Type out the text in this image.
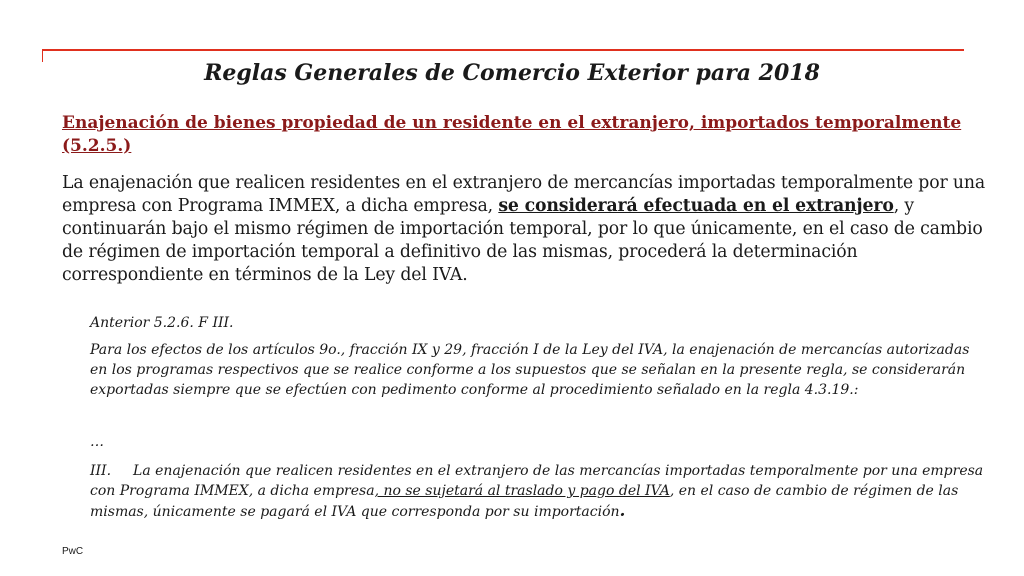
Reglas Generales de Comercio Exterior para 2018
Enajenación de bienes propiedad de un residente en el extranjero, importados temporalmente (5.2.5.)
La enajenación que realicen residentes en el extranjero de mercancías importadas temporalmente por una empresa con Programa IMMEX, a dicha empresa, se considerará efectuada en el extranjero, y continuarán bajo el mismo régimen de importación temporal, por lo que únicamente, en el caso de cambio de régimen de importación temporal a definitivo de las mismas, procederá la determinación correspondiente en términos de la Ley del IVA.
Anterior 5.2.6. F III.
Para los efectos de los artículos 9o., fracción IX y 29, fracción I de la Ley del IVA, la enajenación de mercancías autorizadas en los programas respectivos que se realice conforme a los supuestos que se señalan en la presente regla, se considerarán exportadas siempre que se efectúen con pedimento conforme al procedimiento señalado en la regla 4.3.19.:
…
III. La enajenación que realicen residentes en el extranjero de las mercancías importadas temporalmente por una empresa con Programa IMMEX, a dicha empresa, no se sujetará al traslado y pago del IVA, en el caso de cambio de régimen de las mismas, únicamente se pagará el IVA que corresponda por su importación.
PwC
